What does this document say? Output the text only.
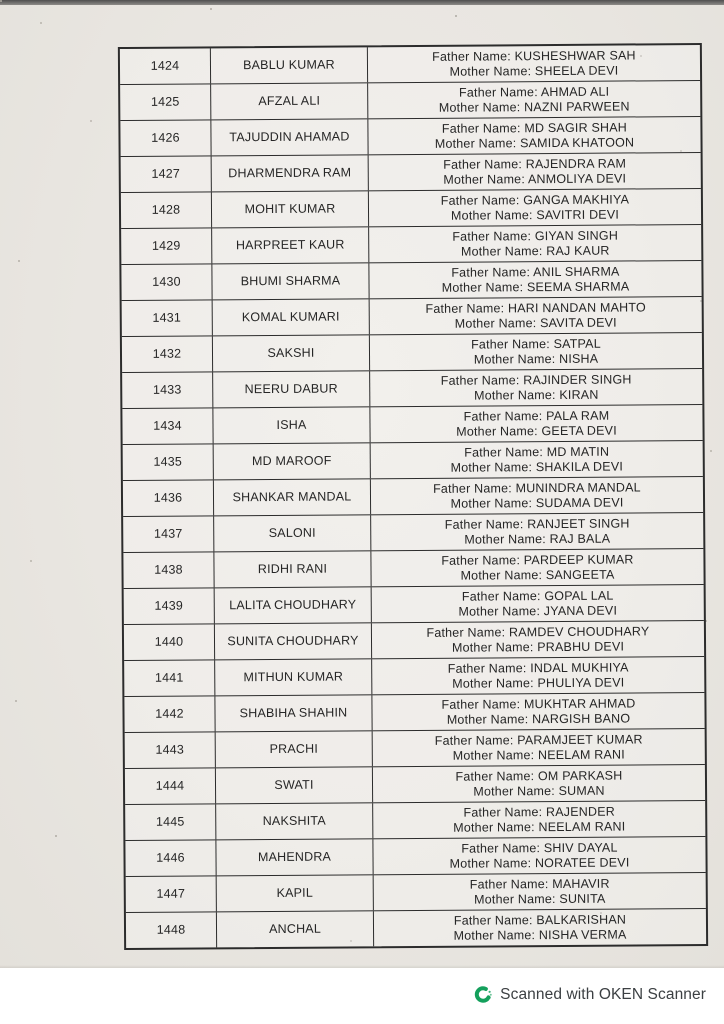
1424	BABLU KUMAR
Father Name: KUSHESHWAR SAH
Mother Name: SHEELA DEVI
1425	AFZAL ALI
Father Name: AHMAD ALI
Mother Name: NAZNI PARWEEN
1426	TAJUDDIN AHAMAD
Father Name: MD SAGIR SHAH
Mother Name: SAMIDA KHATOON
1427	DHARMENDRA RAM
Father Name: RAJENDRA RAM
Mother Name: ANMOLIYA DEVI
1428	MOHIT KUMAR
Father Name: GANGA MAKHIYA
Mother Name: SAVITRI DEVI
1429	HARPREET KAUR
Father Name: GIYAN SINGH
Mother Name: RAJ KAUR
1430	BHUMI SHARMA
Father Name: ANIL SHARMA
Mother Name: SEEMA SHARMA
1431	KOMAL KUMARI
Father Name: HARI NANDAN MAHTO
Mother Name: SAVITA DEVI
1432	SAKSHI
Father Name: SATPAL
Mother Name: NISHA
1433	NEERU DABUR
Father Name: RAJINDER SINGH
Mother Name: KIRAN
1434	ISHA
Father Name: PALA RAM
Mother Name: GEETA DEVI
1435	MD MAROOF
Father Name: MD MATIN
Mother Name: SHAKILA DEVI
1436	SHANKAR MANDAL
Father Name: MUNINDRA MANDAL
Mother Name: SUDAMA DEVI
1437	SALONI
Father Name: RANJEET SINGH
Mother Name: RAJ BALA
1438	RIDHI RANI
Father Name: PARDEEP KUMAR
Mother Name: SANGEETA
1439	LALITA CHOUDHARY
Father Name: GOPAL LAL
Mother Name: JYANA DEVI
1440	SUNITA CHOUDHARY
Father Name: RAMDEV CHOUDHARY
Mother Name: PRABHU DEVI
1441	MITHUN KUMAR
Father Name: INDAL MUKHIYA
Mother Name: PHULIYA DEVI
1442	SHABIHA SHAHIN
Father Name: MUKHTAR AHMAD
Mother Name: NARGISH BANO
1443	PRACHI
Father Name: PARAMJEET KUMAR
Mother Name: NEELAM RANI
1444	SWATI
Father Name: OM PARKASH
Mother Name: SUMAN
1445	NAKSHITA
Father Name: RAJENDER
Mother Name: NEELAM RANI
1446	MAHENDRA
Father Name: SHIV DAYAL
Mother Name: NORATEE DEVI
1447	KAPIL
Father Name: MAHAVIR
Mother Name: SUNITA
1448	ANCHAL
Father Name: BALKARISHAN
Mother Name: NISHA VERMA
Scanned with OKEN Scanner
